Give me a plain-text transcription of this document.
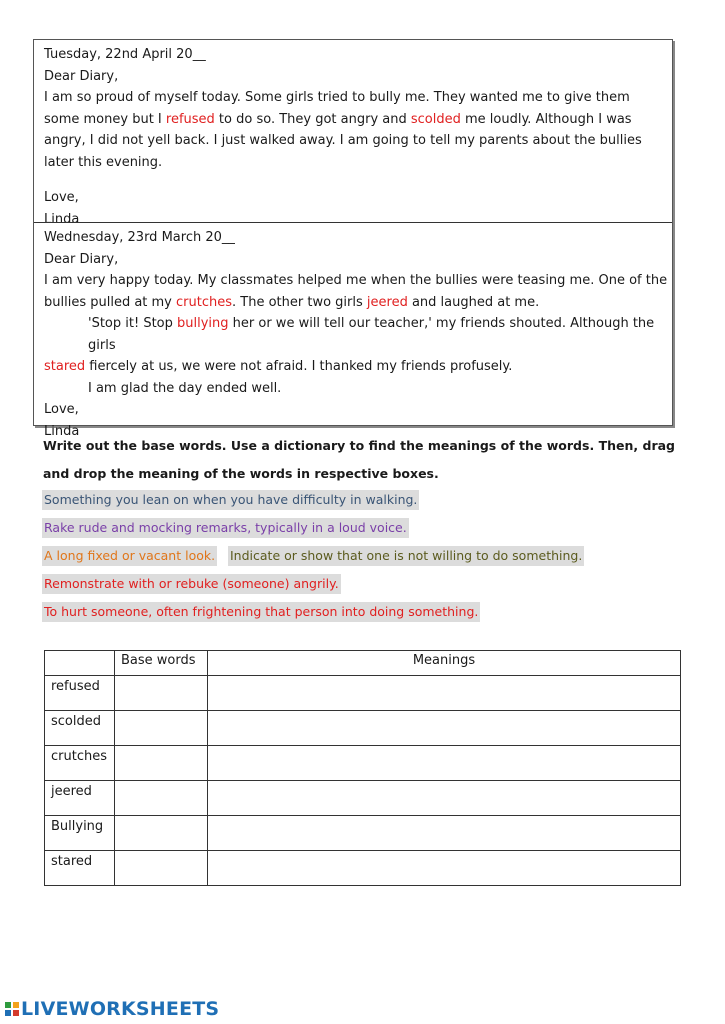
Tuesday, 22nd April 20__

Dear Diary,

I am so proud of myself today. Some girls tried to bully me. They wanted me to give them some money but I refused to do so. They got angry and scolded me loudly. Although I was angry, I did not yell back. I just walked away. I am going to tell my parents about the bullies later this evening.

Love,

Linda

Wednesday, 23rd March 20__

Dear Diary,

I am very happy today. My classmates helped me when the bullies were teasing me. One of the bullies pulled at my crutches. The other two girls jeered and laughed at me.

'Stop it! Stop bullying her or we will tell our teacher,' my friends shouted. Although the girls

stared fiercely at us, we were not afraid. I thanked my friends profusely.

I am glad the day ended well.

Love,

Linda

Write out the base words. Use a dictionary to find the meanings of the words. Then, drag and drop the meaning of the words in respective boxes.
Something you lean on when you have difficulty in walking.
Rake rude and mocking remarks, typically in a loud voice.
A long fixed or vacant look. Indicate or show that one is not willing to do something.
Remonstrate with or rebuke (someone) angrily.
To hurt someone, often frightening that person into doing something.
	Base words	Meanings
refused		
scolded		
crutches		
jeered		
Bullying		
stared		
LIVEWORKSHEETS
